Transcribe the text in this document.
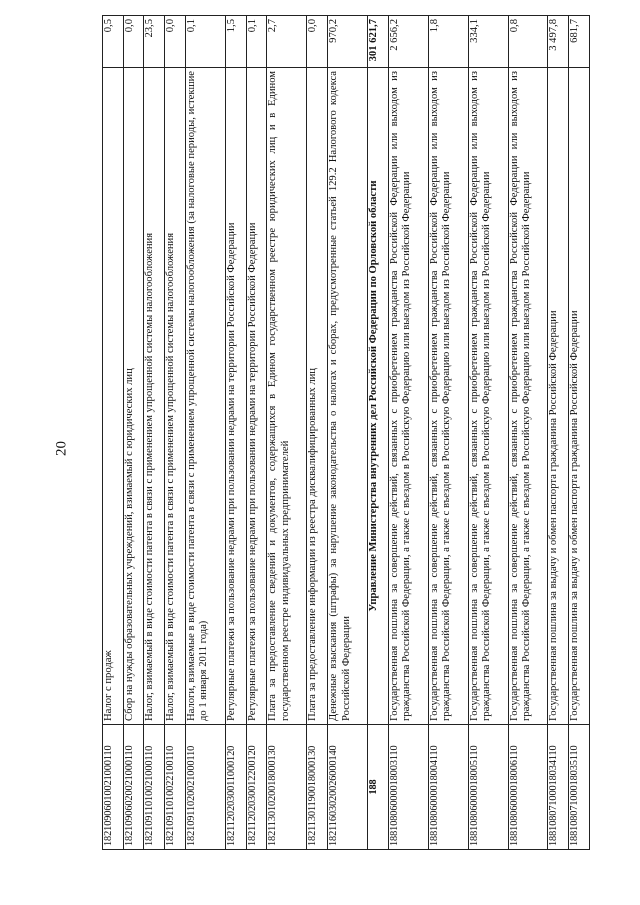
20
18210906010021000110	Налог с продаж	0,5
18210906020021000110	Сбор на нужды образовательных учреждений, взимаемый с юридических лиц	0,0
18210911010021000110	Налог, взимаемый в виде стоимости патента в связи с применением упрощенной системы налогообложения	23,5
18210911010022100110	Налог, взимаемый в виде стоимости патента в связи с применением упрощенной системы налогообложения	0,0
18210911020021000110	Налоги, взимаемые в виде стоимости патента в связи с применением упрощенной системы налогообложения (за налоговые периоды, истекшие до 1 января 2011 года)	0,1
18211202030011000120	Регулярные платежи за пользование недрами при пользовании недрами на территории Российской Федерации	1,5
18211202030012200120	Регулярные платежи за пользование недрами при пользовании недрами на территории Российской Федерации	0,1
18211301020018000130	Плата за предоставление сведений и документов, содержащихся в Едином государственном реестре юридических лиц и в Едином государственном реестре индивидуальных предпринимателей	2,7
18211301190018000130	Плата за предоставление информации из реестра дисквалифицированных лиц	0,0
18211603020026000140	Денежные взыскания (штрафы) за нарушение законодательства о налогах и сборах, предусмотренные статьей 129.2 Налогового кодекса Российской Федерации	970,2
188	Управление Министерства внутренних дел Российской Федерации по Орловской области	301 621,7
18810806000018003110	Государственная пошлина за совершение действий, связанных с приобретением гражданства Российской Федерации или выходом из гражданства Российской Федерации, а также с въездом в Российскую Федерацию или выездом из Российской Федерации	2 656,2
18810806000018004110	Государственная пошлина за совершение действий, связанных с приобретением гражданства Российской Федерации или выходом из гражданства Российской Федерации, а также с въездом в Российскую Федерацию или выездом из Российской Федерации	1,8
18810806000018005110	Государственная пошлина за совершение действий, связанных с приобретением гражданства Российской Федерации или выходом из гражданства Российской Федерации, а также с въездом в Российскую Федерацию или выездом из Российской Федерации	334,1
18810806000018006110	Государственная пошлина за совершение действий, связанных с приобретением гражданства Российской Федерации или выходом из гражданства Российской Федерации, а также с въездом в Российскую Федерацию или выездом из Российской Федерации	0,8
18810807100018034110	Государственная пошлина за выдачу и обмен паспорта гражданина Российской Федерации	3 497,8
18810807100018035110	Государственная пошлина за выдачу и обмен паспорта гражданина Российской Федерации	681,7
